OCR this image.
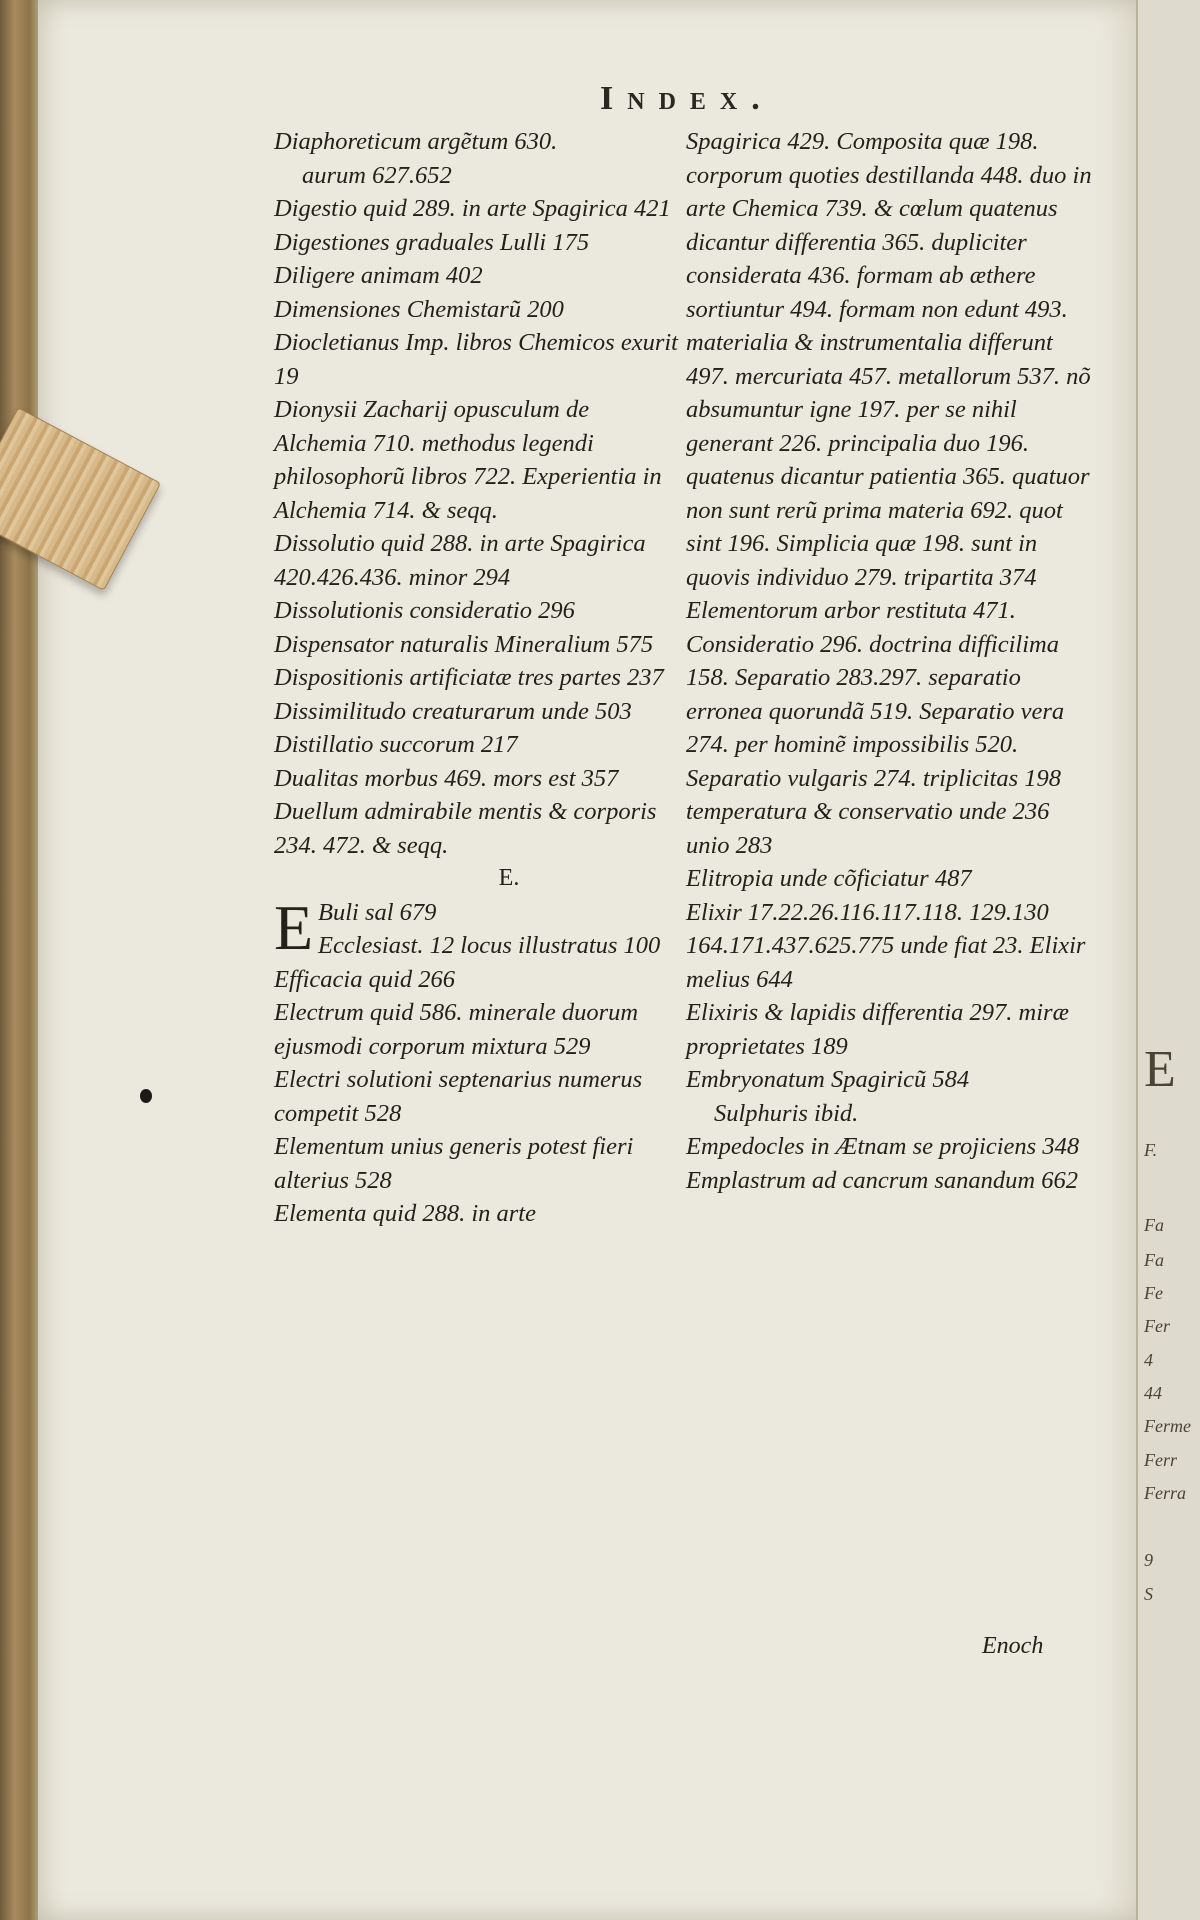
F.
Fa
Fa
Fe
Fer
4
44
Ferme
Ferr
Ferra
9
S
E
Index.
Diaphoreticum argẽtum 630.
aurum 627.652
Digestio quid 289. in arte Spagirica 421
Digestiones graduales Lulli 175
Diligere animam 402
Dimensiones Chemistarũ 200
Diocletianus Imp. libros Chemicos exurit 19
Dionysii Zacharij opusculum de Alchemia 710. methodus legendi philosophorũ libros 722. Experientia in Alchemia 714. & seqq.
Dissolutio quid 288. in arte Spagirica 420.426.436. minor 294
Dissolutionis consideratio 296
Dispensator naturalis Mineralium 575
Dispositionis artificiatæ tres partes 237
Dissimilitudo creaturarum unde 503
Distillatio succorum 217
Dualitas morbus 469. mors est 357
Duellum admirabile mentis & corporis 234. 472. & seqq.
E.
E Buli sal 679
Ecclesiast. 12 locus illustratus 100
Efficacia quid 266
Electrum quid 586. minerale duorum ejusmodi corporum mixtura 529
Electri solutioni septenarius numerus competit 528
Elementum unius generis potest fieri alterius 528
Elementa quid 288. in arte
Spagirica 429. Composita quæ 198. corporum quoties destillanda 448. duo in arte Chemica 739. & cœlum quatenus dicantur differentia 365. dupliciter considerata 436. formam ab æthere sortiuntur 494. formam non edunt 493. materialia & instrumentalia differunt 497. mercuriata 457. metallorum 537. nõ absumuntur igne 197. per se nihil generant 226. principalia duo 196. quatenus dicantur patientia 365. quatuor non sunt rerũ prima materia 692. quot sint 196. Simplicia quæ 198. sunt in quovis individuo 279. tripartita 374
Elementorum arbor restituta 471. Consideratio 296. doctrina difficilima 158. Separatio 283.297. separatio erronea quorundã 519. Separatio vera 274. per hominẽ impossibilis 520. Separatio vulgaris 274. triplicitas 198 temperatura & conservatio unde 236 unio 283
Elitropia unde cõficiatur 487
Elixir 17.22.26.116.117.118. 129.130 164.171.437.625.775 unde fiat 23. Elixir melius 644
Elixiris & lapidis differentia 297. miræ proprietates 189
Embryonatum Spagiricũ 584
Sulphuris ibid.
Empedocles in Ætnam se projiciens 348
Emplastrum ad cancrum sanandum 662
Enoch
